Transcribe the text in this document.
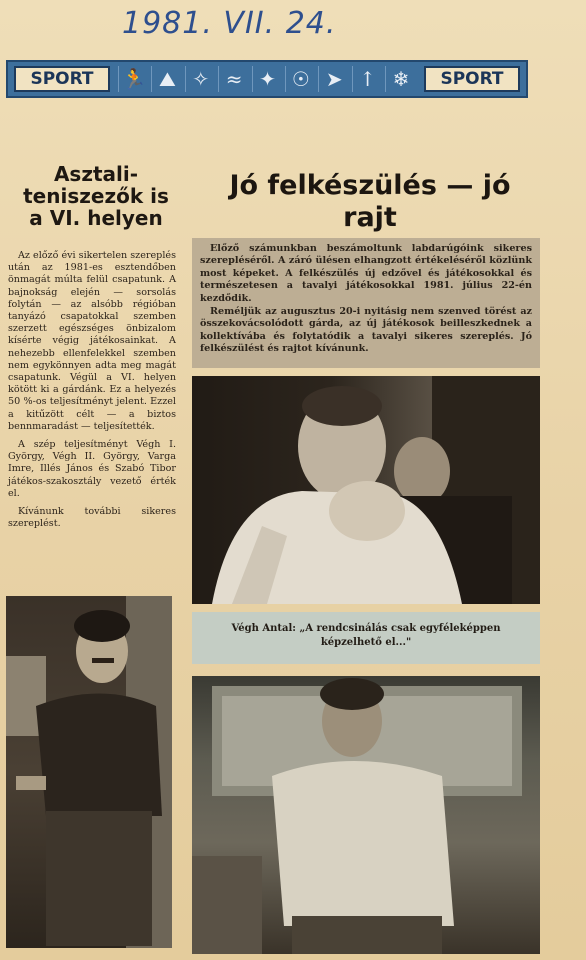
1981. VII. 24.
SPORT	🏃 ⛰ ✧ ≈ ✦ ☉ ➤ ↑ ❄	SPORT
Asztali-teniszezők is a VI. helyen

Az előző évi sikertelen szereplés után az 1981-es esztendőben önmagát múlta felül csapatunk. A bajnokság elején — sorsolás folytán — az alsóbb régióban tanyázó csapatokkal szemben szerzett egészséges önbizalom kísérte végig játékosainkat. A nehezebb ellenfelekkel szemben nem egykönnyen adta meg magát csapatunk. Végül a VI. helyen kötött ki a gárdánk. Ez a helyezés 50 %-os teljesítményt jelent. Ezzel a kitűzött célt — a biztos bennmaradást — teljesítették.

A szép teljesítményt Végh I. György, Végh II. György, Varga Imre, Illés János és Szabó Tibor játékos-szakosztály vezető érték el.

Kívánunk további sikeres szereplést.

Jó felkészülés — jó rajt

Előző számunkban beszámoltunk labdarúgóink sikeres szerepléséről. A záró ülésen elhangzott értékeléséről közlünk most képeket. A felkészülés új edzővel és játékosokkal és természetesen a tavalyi játékosokkal 1981. július 22-én kezdődik.

Reméljük az augusztus 20-i nyitásig nem szenved törést az összekovácsolódott gárda, az új játékosok beilleszkednek a kollektívába és folytatódik a tavalyi sikeres szereplés. Jó felkészülést és rajtot kívánunk.

Végh Antal: „A rendcsinálás csak egyféleképpen képzelhető el..."
